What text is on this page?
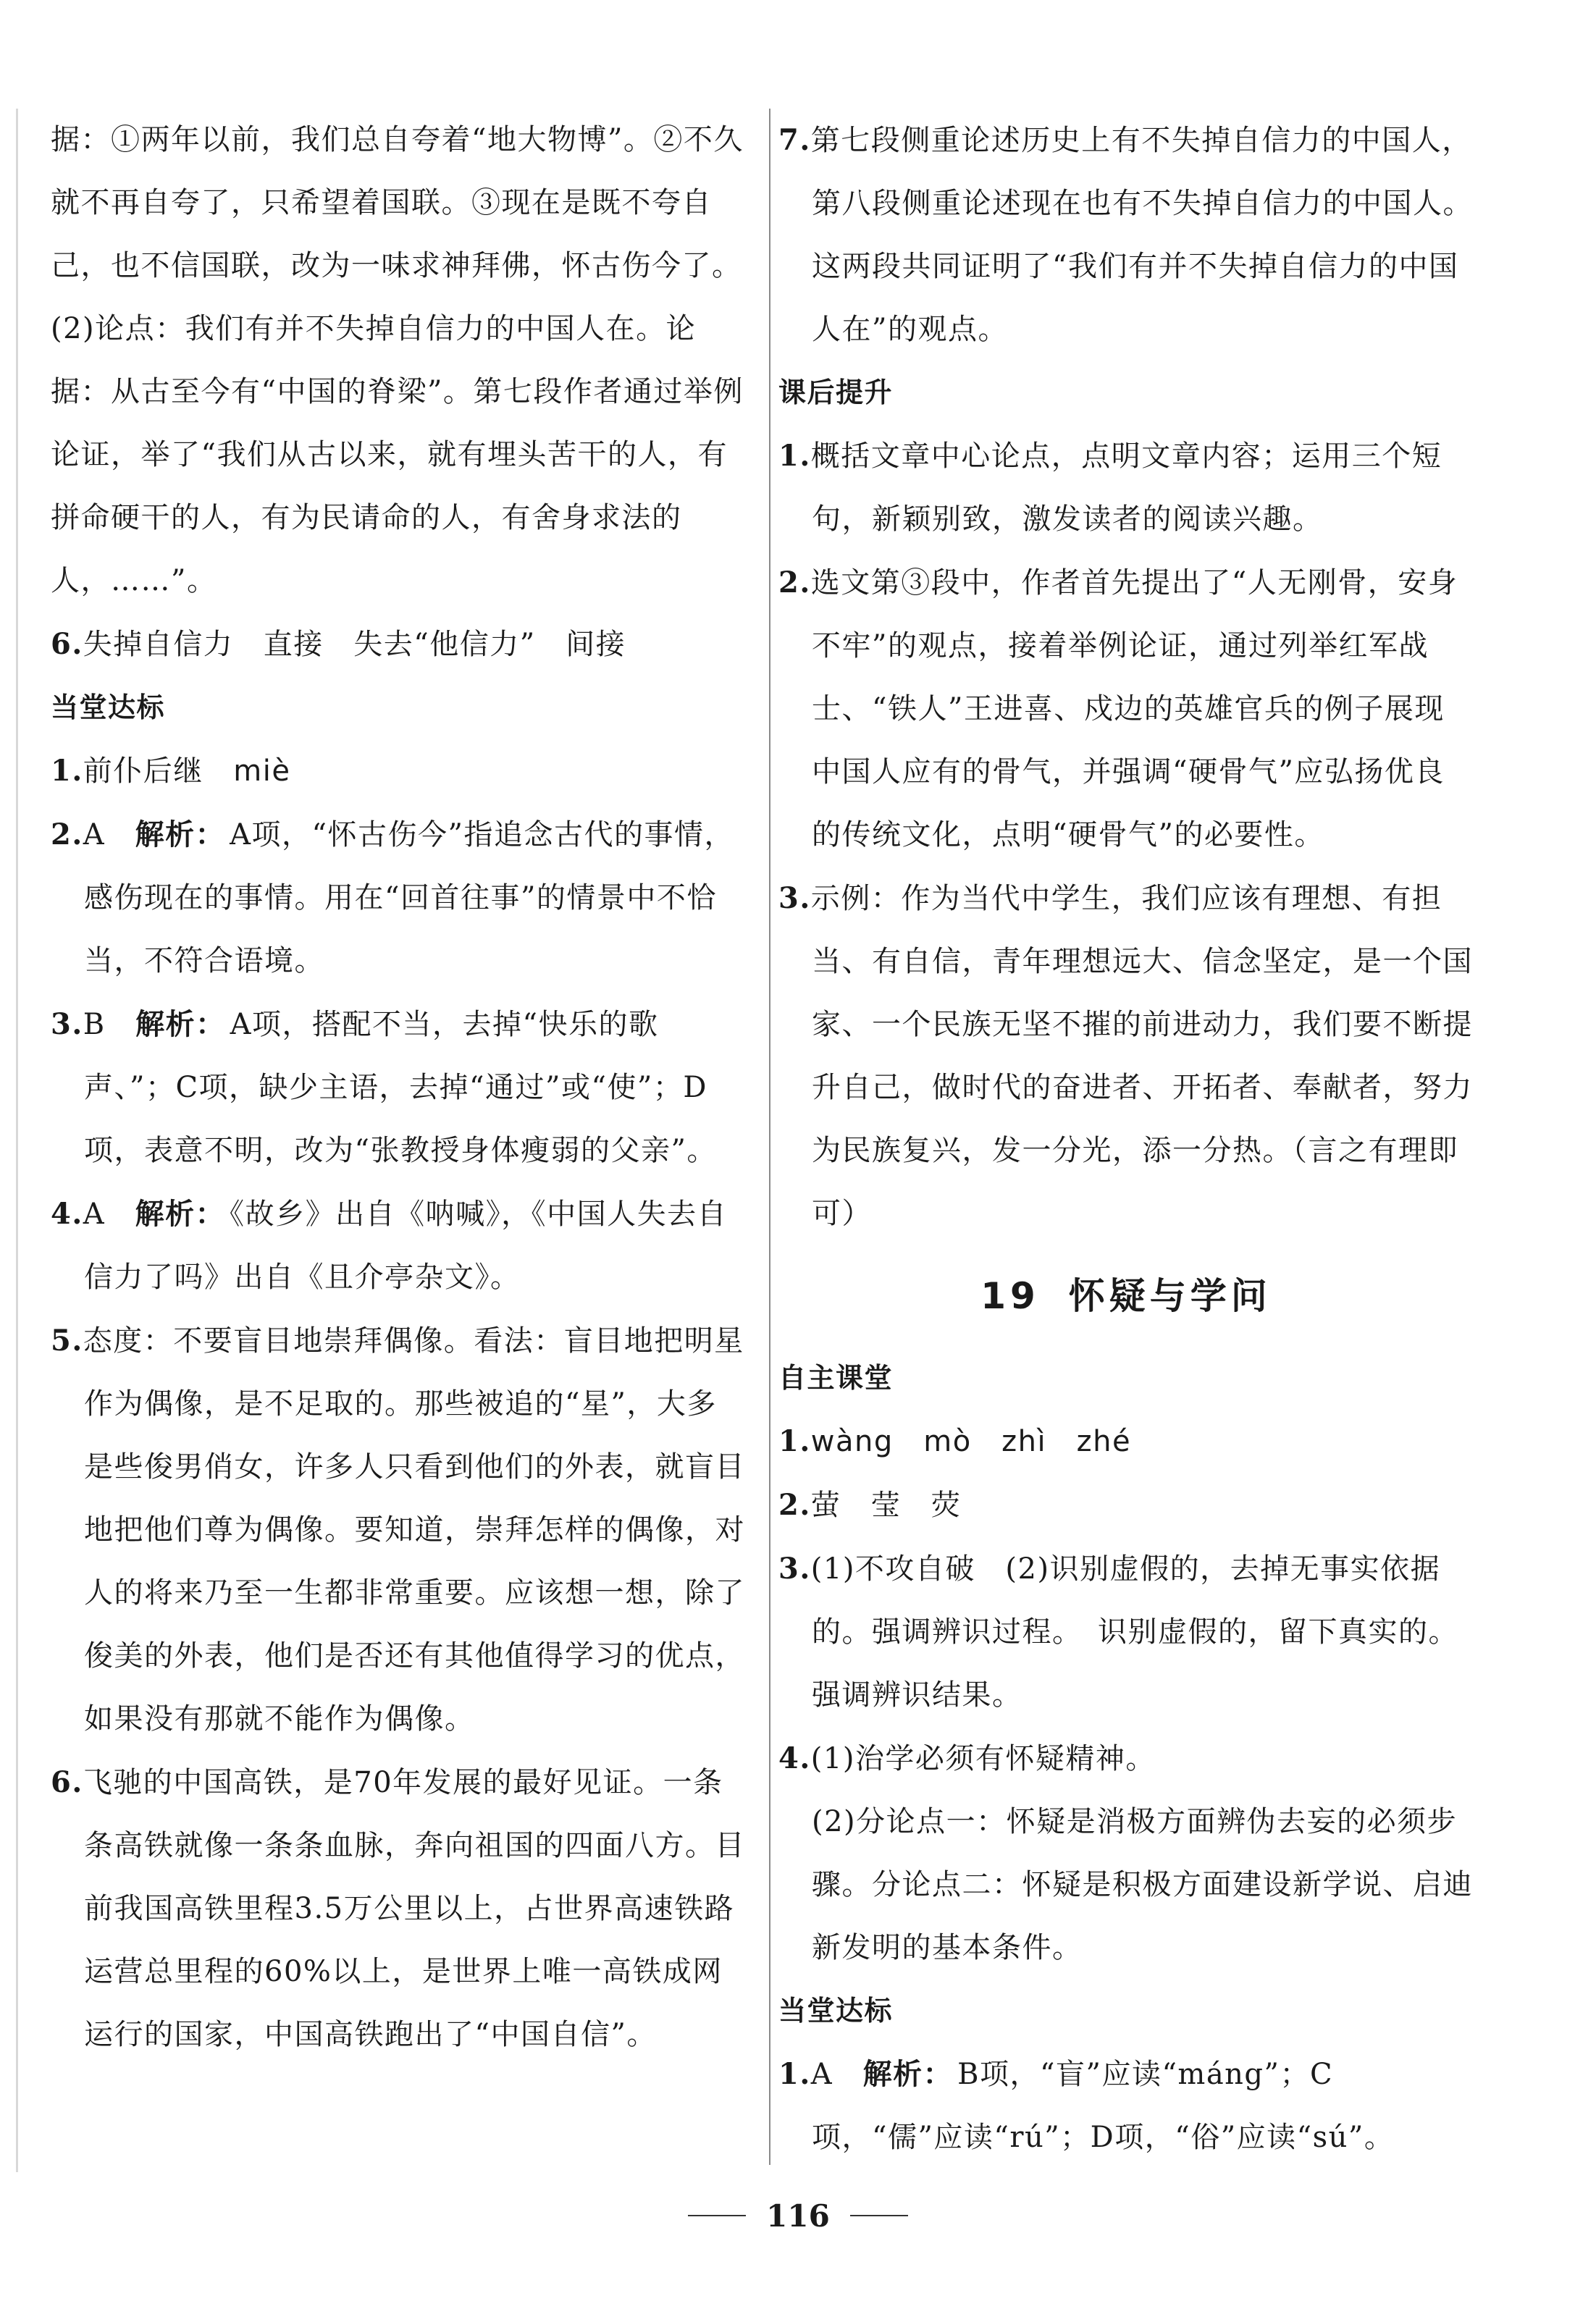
据：①两年以前，我们总自夸着“地大物博”。②不久就不再自夸了，只希望着国联。③现在是既不夸自己，也不信国联，改为一味求神拜佛，怀古伤今了。

(2)论点：我们有并不失掉自信力的中国人在。论据：从古至今有“中国的脊梁”。第七段作者通过举例论证，举了“我们从古以来，就有埋头苦干的人，有拼命硬干的人，有为民请命的人，有舍身求法的人，……”。

6.失掉自信力　直接　失去“他信力”　间接

当堂达标

1.前仆后继　miè

2.A　解析： A项，“怀古伤今”指追念古代的事情，感伤现在的事情。用在“回首往事”的情景中不恰当，不符合语境。

3.B　解析： A项，搭配不当，去掉“快乐的歌声、”；C项，缺少主语，去掉“通过”或“使”；D项，表意不明，改为“张教授身体瘦弱的父亲”。

4.A　解析： 《故乡》出自《呐喊》，《中国人失去自信力了吗》出自《且介亭杂文》。

5.态度：不要盲目地崇拜偶像。看法：盲目地把明星作为偶像，是不足取的。那些被追的“星”，大多是些俊男俏女，许多人只看到他们的外表，就盲目地把他们尊为偶像。要知道，崇拜怎样的偶像，对人的将来乃至一生都非常重要。应该想一想，除了俊美的外表，他们是否还有其他值得学习的优点，如果没有那就不能作为偶像。

6.飞驰的中国高铁，是70年发展的最好见证。一条条高铁就像一条条血脉，奔向祖国的四面八方。目前我国高铁里程3.5万公里以上，占世界高速铁路运营总里程的60%以上，是世界上唯一高铁成网运行的国家，中国高铁跑出了“中国自信”。

7.第七段侧重论述历史上有不失掉自信力的中国人，第八段侧重论述现在也有不失掉自信力的中国人。这两段共同证明了“我们有并不失掉自信力的中国人在”的观点。

课后提升

1.概括文章中心论点，点明文章内容；运用三个短句，新颖别致，激发读者的阅读兴趣。

2.选文第③段中，作者首先提出了“人无刚骨，安身不牢”的观点，接着举例论证，通过列举红军战士、“铁人”王进喜、戍边的英雄官兵的例子展现中国人应有的骨气，并强调“硬骨气”应弘扬优良的传统文化，点明“硬骨气”的必要性。

3.示例：作为当代中学生，我们应该有理想、有担当、有自信，青年理想远大、信念坚定，是一个国家、一个民族无坚不摧的前进动力，我们要不断提升自己，做时代的奋进者、开拓者、奉献者，努力为民族复兴，发一分光，添一分热。（言之有理即可）

19 怀疑与学问

自主课堂

1.wàng　mò　zhì　zhé

2.萤　莹　荧

3.(1)不攻自破　(2)识别虚假的，去掉无事实依据的。强调辨识过程。　识别虚假的，留下真实的。强调辨识结果。

4.(1)治学必须有怀疑精神。

(2)分论点一：怀疑是消极方面辨伪去妄的必须步骤。分论点二：怀疑是积极方面建设新学说、启迪新发明的基本条件。

当堂达标

1.A　解析： B项，“盲”应读“máng”；C项，“儒”应读“rú”；D项，“俗”应读“sú”。

116
